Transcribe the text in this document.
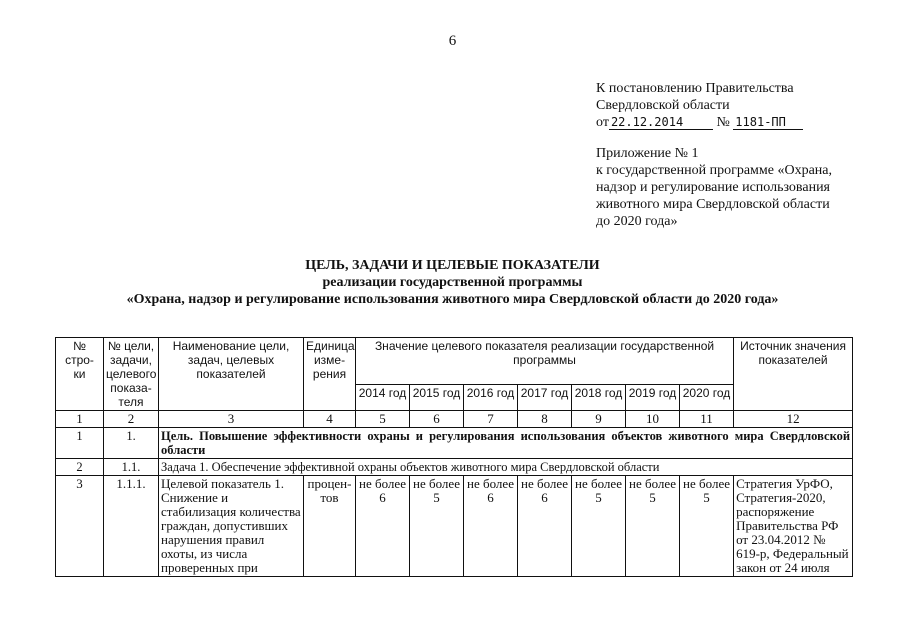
6
К постановлению Правительства
Свердловской области
от 22.12.2014 № 1181-ПП
Приложение № 1
к государственной программе «Охрана,
надзор и регулирование использования
животного мира Свердловской области
до 2020 года»
ЦЕЛЬ, ЗАДАЧИ И ЦЕЛЕВЫЕ ПОКАЗАТЕЛИ
реализации государственной программы
«Охрана, надзор и регулирование использования животного мира Свердловской области до 2020 года»
№ стро- ки	№ цели, задачи, целевого показа- теля	Наименование цели, задач, целевых показателей	Единица изме- рения	Значение целевого показателя реализации государственной программы							Источник значения показателей
				2014 год	2015 год	2016 год	2017 год	2018 год	2019 год	2020 год	
1	2	3	4	5	6	7	8	9	10	11	12
1	1.	Цель. Повышение эффективности охраны и регулирования использования объектов животного мира Свердловской области									
2	1.1.	Задача 1. Обеспечение эффективной охраны объектов животного мира Свердловской области									
3	1.1.1.	Целевой показатель 1. Снижение и стабилизация количества граждан, допустивших нарушения правил охоты, из числа проверенных при	процен- тов	не более 6	не более 5	не более 6	не более 6	не более 5	не более 5	не более 5	Стратегия УрФО, Стратегия-2020, распоряжение Правительства РФ от 23.04.2012 № 619-р, Федеральный закон от 24 июля
